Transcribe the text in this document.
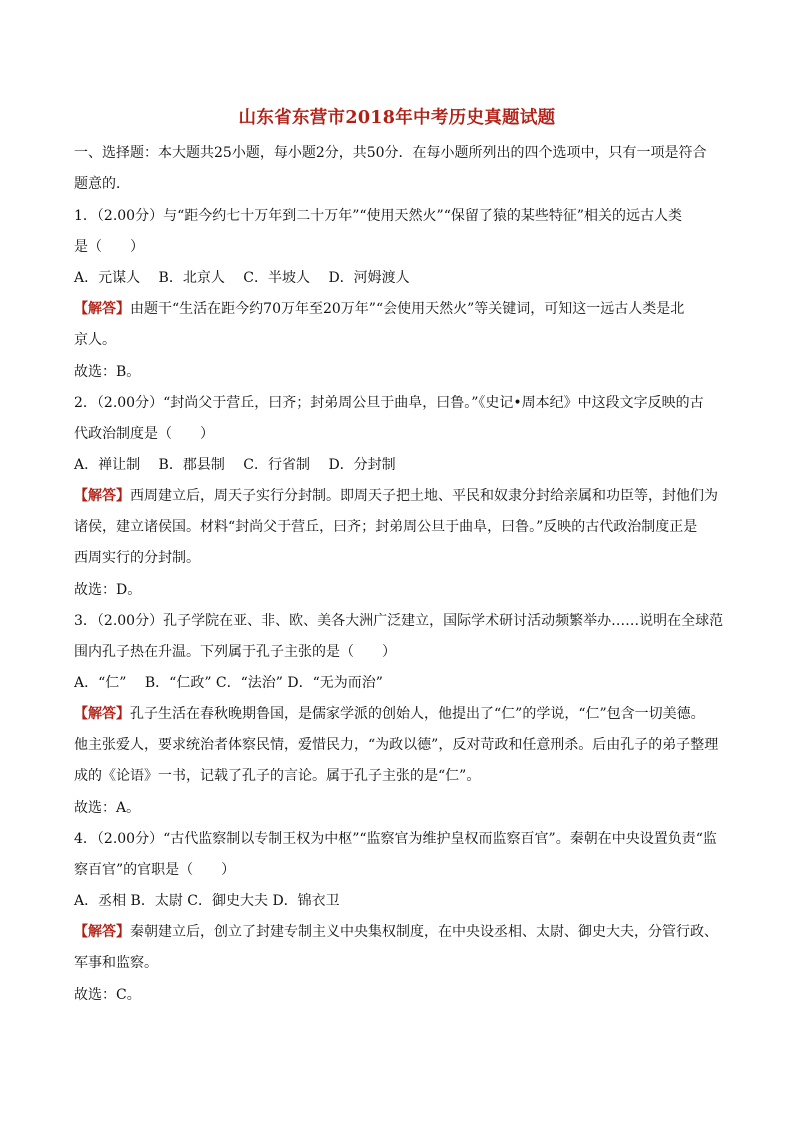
山东省东营市2018年中考历史真题试题
一、选择题：本大题共25小题，每小题2分，共50分．在每小题所列出的四个选项中，只有一项是符合
题意的．
1．（2.00分）与“距今约七十万年到二十万年”“使用天然火”“保留了猿的某些特征”相关的远古人类
是（　　）
A．元谋人　 B．北京人　 C．半坡人　 D．河姆渡人
【解答】由题干“生活在距今约70万年至20万年”“会使用天然火”等关键词，可知这一远古人类是北
京人。
故选：B。
2．（2.00分）“封尚父于营丘，曰齐；封弟周公旦于曲阜，曰鲁。”《史记•周本纪》中这段文字反映的古
代政治制度是（　　）
A．禅让制　 B．郡县制　 C．行省制　 D．分封制
【解答】西周建立后，周天子实行分封制。即周天子把土地、平民和奴隶分封给亲属和功臣等，封他们为
诸侯，建立诸侯国。材料“封尚父于营丘，曰齐；封弟周公旦于曲阜，曰鲁。”反映的古代政治制度正是
西周实行的分封制。
故选：D。
3．（2.00分）孔子学院在亚、非、欧、美各大洲广泛建立，国际学术研讨活动频繁举办……说明在全球范
围内孔子热在升温。下列属于孔子主张的是（　　）
A．“仁”　 B．“仁政” C．“法治” D．“无为而治”
【解答】孔子生活在春秋晚期鲁国，是儒家学派的创始人，他提出了“仁”的学说，“仁”包含一切美德。
他主张爱人，要求统治者体察民情，爱惜民力，“为政以德”，反对苛政和任意刑杀。后由孔子的弟子整理
成的《论语》一书，记载了孔子的言论。属于孔子主张的是“仁”。
故选：A。
4．（2.00分）“古代监察制以专制王权为中枢”“监察官为维护皇权而监察百官”。秦朝在中央设置负责“监
察百官”的官职是（　　）
A．丞相 B．太尉 C．御史大夫 D．锦衣卫
【解答】秦朝建立后，创立了封建专制主义中央集权制度，在中央设丞相、太尉、御史大夫，分管行政、
军事和监察。
故选：C。
